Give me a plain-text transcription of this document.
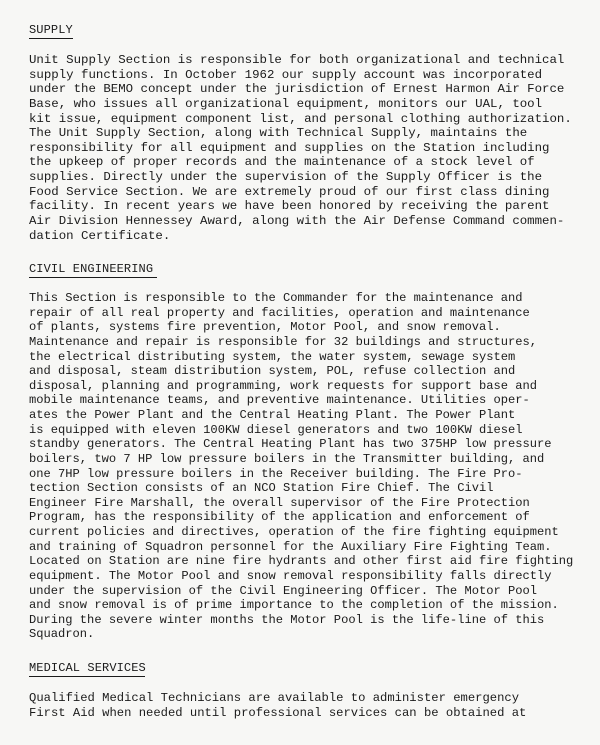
SUPPLY
Unit Supply Section is responsible for both organizational and technical
supply functions. In October 1962 our supply account was incorporated
under the BEMO concept under the jurisdiction of Ernest Harmon Air Force
Base, who issues all organizational equipment, monitors our UAL, tool
kit issue, equipment component list, and personal clothing authorization.
The Unit Supply Section, along with Technical Supply, maintains the
responsibility for all equipment and supplies on the Station including
the upkeep of proper records and the maintenance of a stock level of
supplies. Directly under the supervision of the Supply Officer is the
Food Service Section. We are extremely proud of our first class dining
facility. In recent years we have been honored by receiving the parent
Air Division Hennessey Award, along with the Air Defense Command commen-
dation Certificate.
CIVIL ENGINEERING
This Section is responsible to the Commander for the maintenance and
repair of all real property and facilities, operation and maintenance
of plants, systems fire prevention, Motor Pool, and snow removal.
Maintenance and repair is responsible for 32 buildings and structures,
the electrical distributing system, the water system, sewage system
and disposal, steam distribution system, POL, refuse collection and
disposal, planning and programming, work requests for support base and
mobile maintenance teams, and preventive maintenance. Utilities oper-
ates the Power Plant and the Central Heating Plant. The Power Plant
is equipped with eleven 100KW diesel generators and two 100KW diesel
standby generators. The Central Heating Plant has two 375HP low pressure
boilers, two 7 HP low pressure boilers in the Transmitter building, and
one 7HP low pressure boilers in the Receiver building. The Fire Pro-
tection Section consists of an NCO Station Fire Chief. The Civil
Engineer Fire Marshall, the overall supervisor of the Fire Protection
Program, has the responsibility of the application and enforcement of
current policies and directives, operation of the fire fighting equipment
and training of Squadron personnel for the Auxiliary Fire Fighting Team.
Located on Station are nine fire hydrants and other first aid fire fighting
equipment. The Motor Pool and snow removal responsibility falls directly
under the supervision of the Civil Engineering Officer. The Motor Pool
and snow removal is of prime importance to the completion of the mission.
During the severe winter months the Motor Pool is the life-line of this
Squadron.
MEDICAL SERVICES
Qualified Medical Technicians are available to administer emergency
First Aid when needed until professional services can be obtained at
